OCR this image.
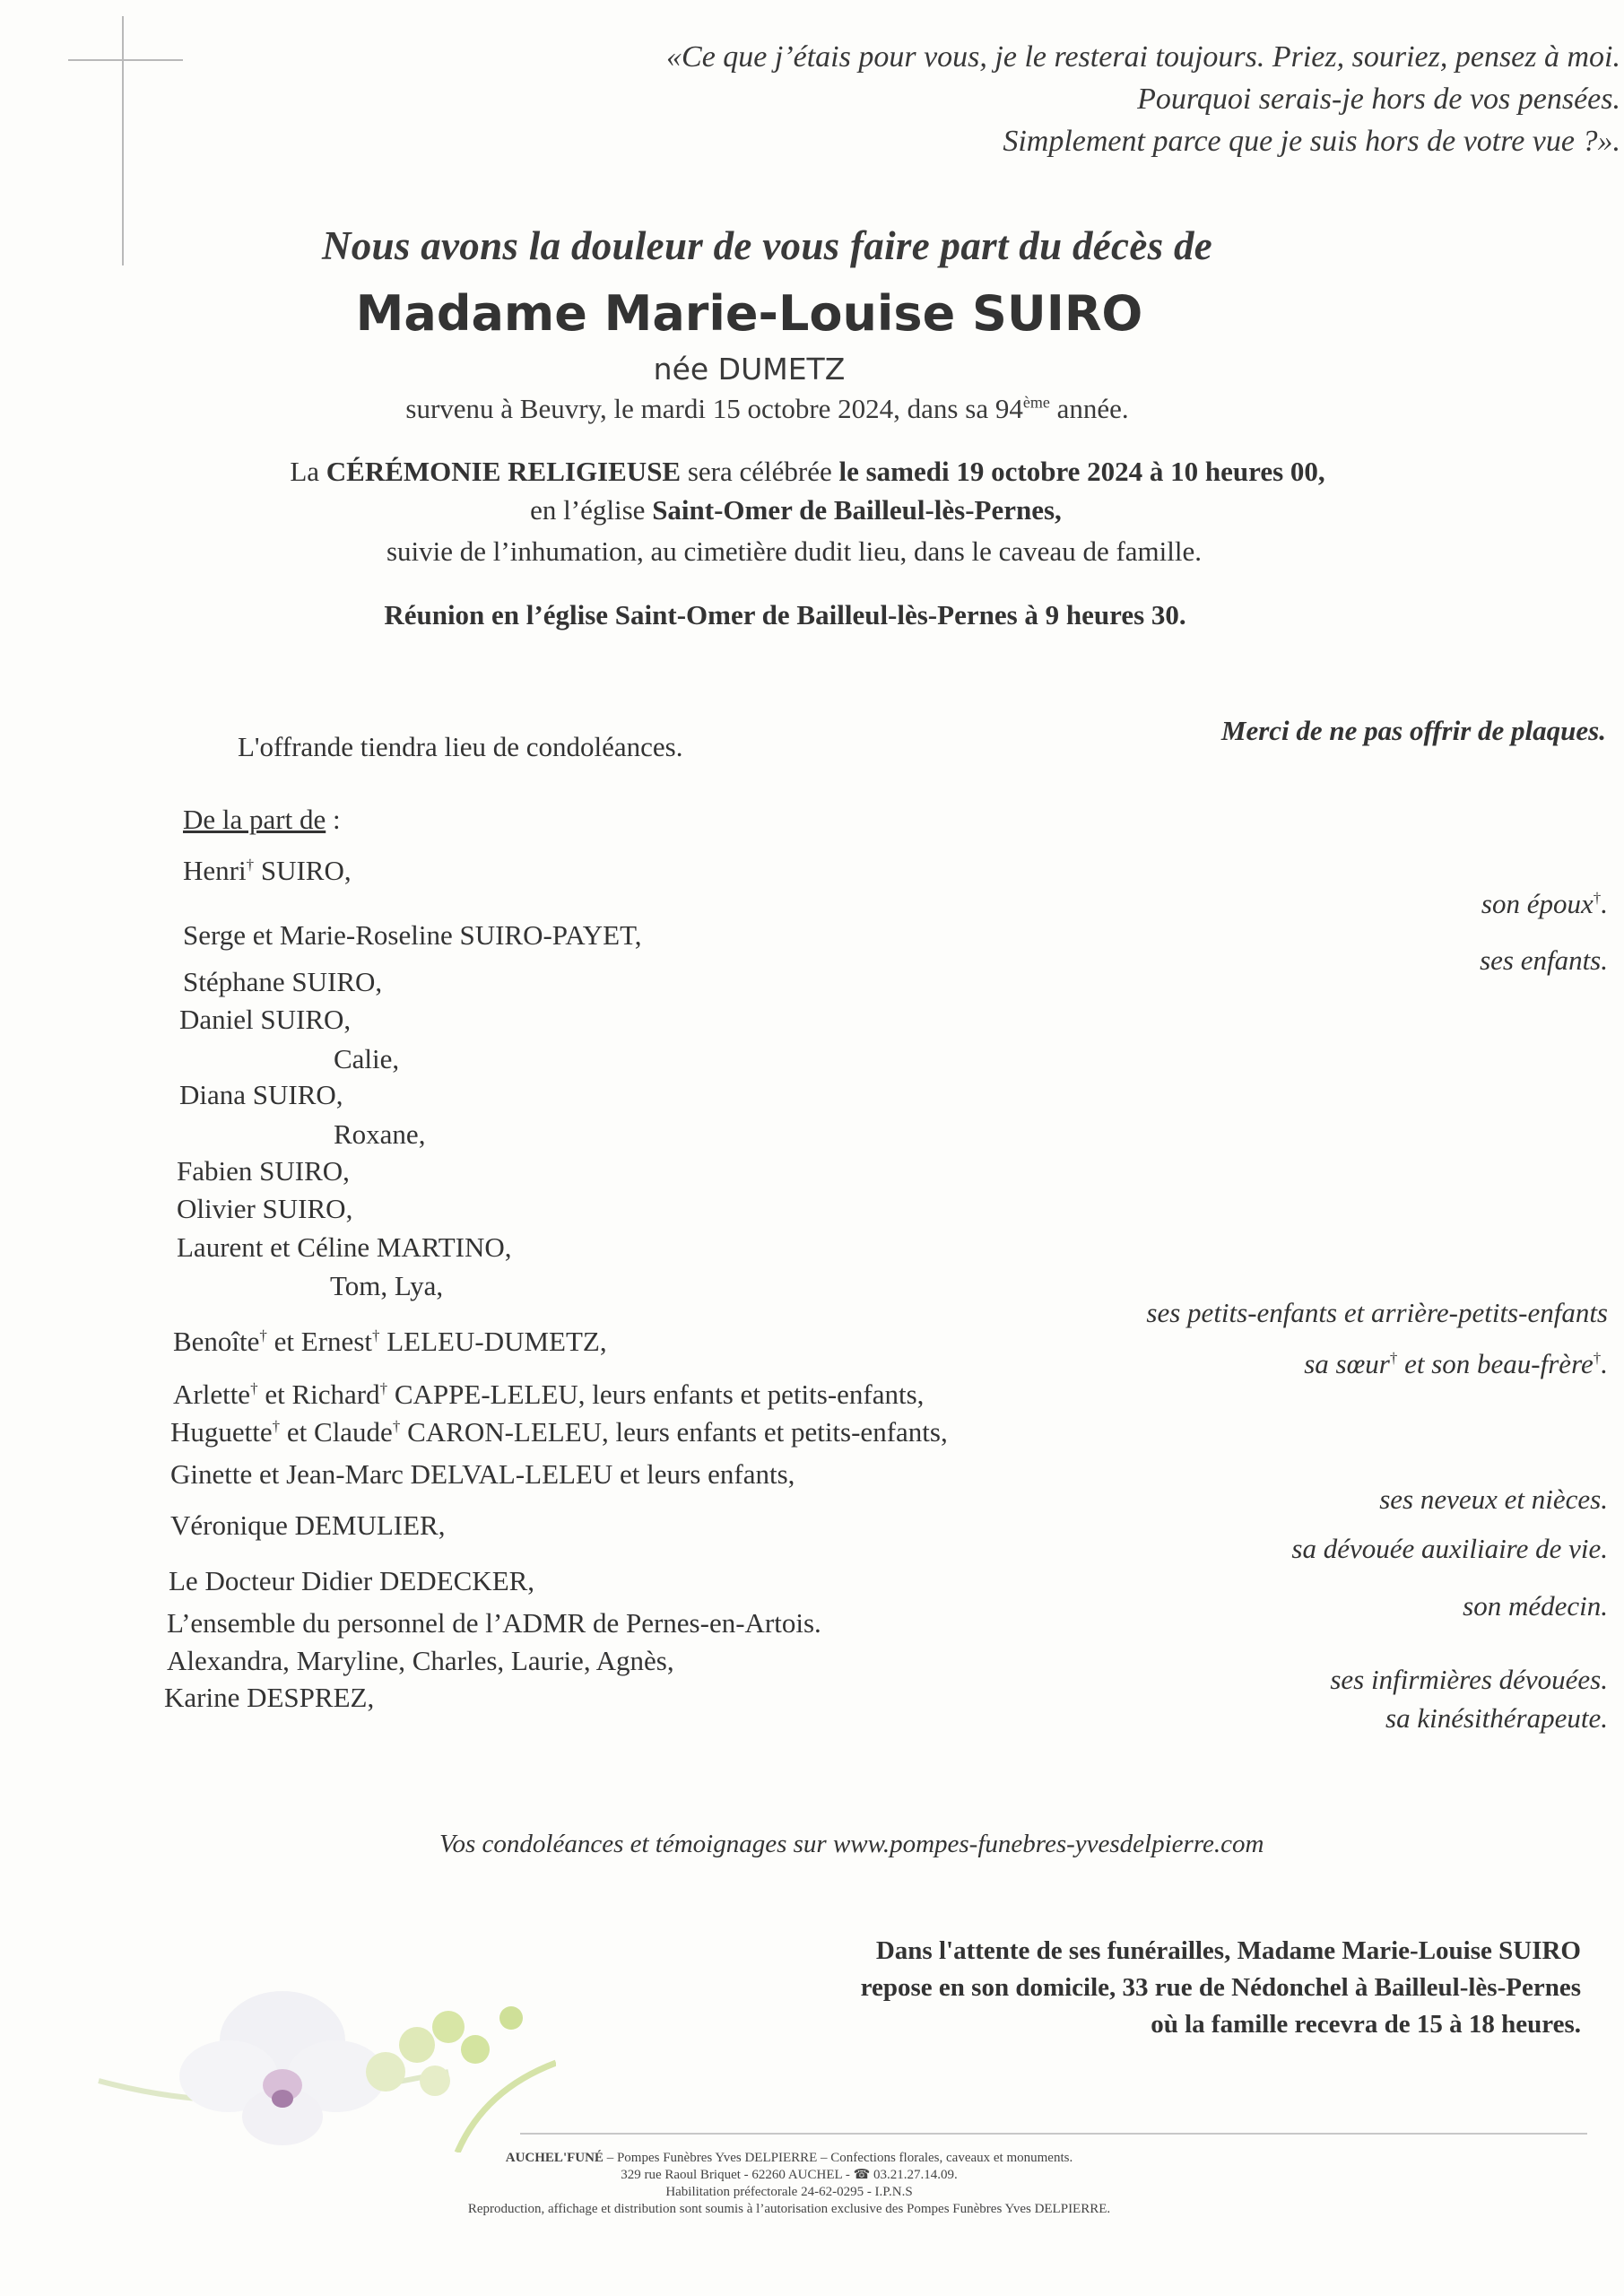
«Ce que j’étais pour vous, je le resterai toujours. Priez, souriez, pensez à moi.
Pourquoi serais-je hors de vos pensées.
Simplement parce que je suis hors de votre vue ?».
Nous avons la douleur de vous faire part du décès de
Madame Marie-Louise SUIRO
née DUMETZ
survenu à Beuvry, le mardi 15 octobre 2024, dans sa 94ème année.
La CÉRÉMONIE RELIGIEUSE sera célébrée le samedi 19 octobre 2024 à 10 heures 00,
en l’église Saint-Omer de Bailleul-lès-Pernes,
suivie de l’inhumation, au cimetière dudit lieu, dans le caveau de famille.
Réunion en l’église Saint-Omer de Bailleul-lès-Pernes à 9 heures 30.
L'offrande tiendra lieu de condoléances.
Merci de ne pas offrir de plaques.
De la part de :
Henri† SUIRO,
Serge et Marie-Roseline SUIRO-PAYET,
Stéphane SUIRO,
Daniel SUIRO,
Calie,
Diana SUIRO,
Roxane,
Fabien SUIRO,
Olivier SUIRO,
Laurent et Céline MARTINO,
Tom, Lya,
Benoîte† et Ernest† LELEU-DUMETZ,
Arlette† et Richard† CAPPE-LELEU, leurs enfants et petits-enfants,
Huguette† et Claude† CARON-LELEU, leurs enfants et petits-enfants,
Ginette et Jean-Marc DELVAL-LELEU et leurs enfants,
Véronique DEMULIER,
Le Docteur Didier DEDECKER,
L’ensemble du personnel de l’ADMR de Pernes-en-Artois.
Alexandra, Maryline, Charles, Laurie, Agnès,
Karine DESPREZ,
son époux†.
ses enfants.
ses petits-enfants et arrière-petits-enfants
sa sœur† et son beau-frère†.
ses neveux et nièces.
sa dévouée auxiliaire de vie.
son médecin.
ses infirmières dévouées.
sa kinésithérapeute.
Vos condoléances et témoignages sur www.pompes-funebres-yvesdelpierre.com
Dans l'attente de ses funérailles, Madame Marie-Louise SUIRO
repose en son domicile, 33 rue de Nédonchel à Bailleul-lès-Pernes
où la famille recevra de 15 à 18 heures.
AUCHEL'FUNÉ – Pompes Funèbres Yves DELPIERRE – Confections florales, caveaux et monuments.
329 rue Raoul Briquet - 62260 AUCHEL - ☎ 03.21.27.14.09.
Habilitation préfectorale 24-62-0295 - I.P.N.S
Reproduction, affichage et distribution sont soumis à l’autorisation exclusive des Pompes Funèbres Yves DELPIERRE.
